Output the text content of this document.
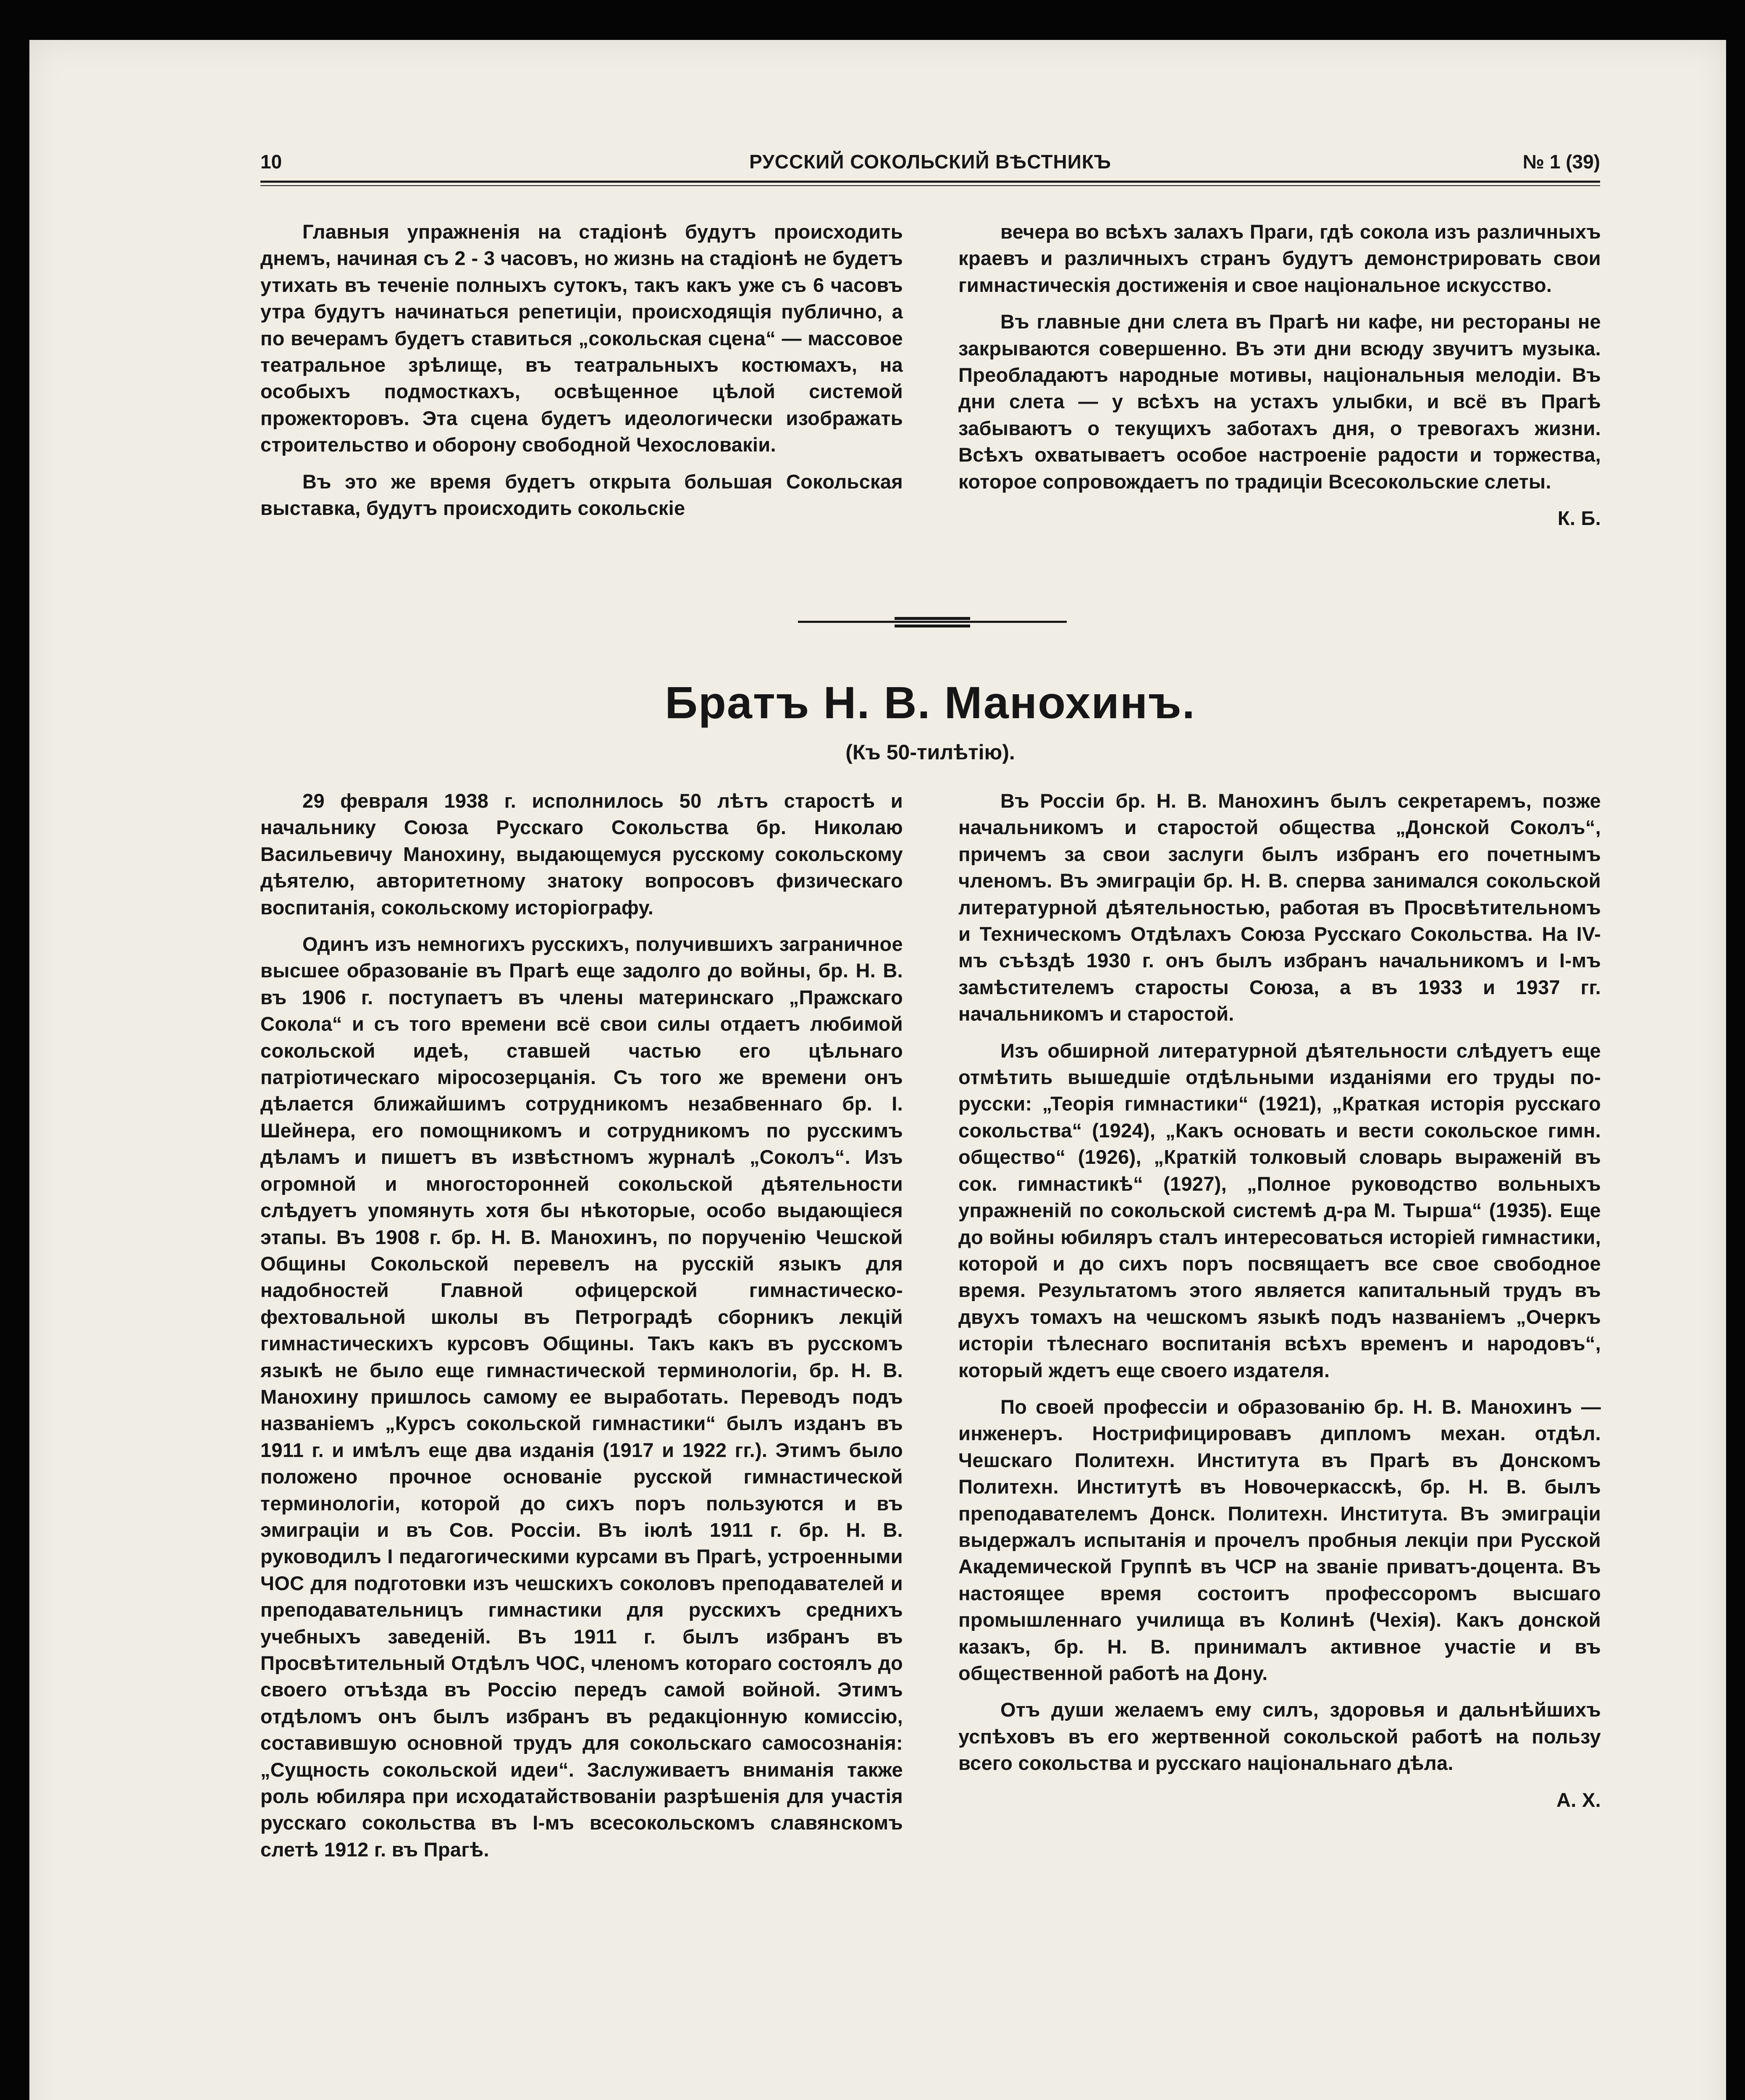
10	РУССКИЙ СОКОЛЬСКИЙ ВѢСТНИКЪ	№ 1 (39)

Главныя упражненія на стадіонѣ будутъ происходить днемъ, начиная съ 2 - 3 часовъ, но жизнь на стадіонѣ не будетъ утихать въ теченіе полныхъ сутокъ, такъ какъ уже съ 6 часовъ утра будутъ начинаться репетиціи, происходящія публично, а по вечерамъ будетъ ставиться „сокольская сцена“ — массовое театральное зрѣлище, въ театральныхъ костюмахъ, на особыхъ подмосткахъ, освѣщенное цѣлой системой прожекторовъ. Эта сцена будетъ идеологически изображать строительство и оборону свободной Чехословакіи.

Въ это же время будетъ открыта большая Сокольская выставка, будутъ происходить сокольскіе

вечера во всѣхъ залахъ Праги, гдѣ сокола изъ различныхъ краевъ и различныхъ странъ будутъ демонстрировать свои гимнастическія достиженія и свое національное искусство.

Въ главные дни слета въ Прагѣ ни кафе, ни рестораны не закрываются совершенно. Въ эти дни всюду звучитъ музыка. Преобладаютъ народные мотивы, національныя мелодіи. Въ дни слета — у всѣхъ на устахъ улыбки, и всё въ Прагѣ забываютъ о текущихъ заботахъ дня, о тревогахъ жизни. Всѣхъ охватываетъ особое настроеніе радости и торжества, которое сопровождаетъ по традиціи Всесокольские слеты.

К. Б.
Братъ Н. В. Манохинъ.
(Къ 50-тилѣтію).

29 февраля 1938 г. исполнилось 50 лѣтъ старостѣ и начальнику Союза Русскаго Сокольства бр. Николаю Васильевичу Манохину, выдающемуся русскому сокольскому дѣятелю, авторитетному знатоку вопросовъ физическаго воспитанія, сокольскому исторіографу.

Одинъ изъ немногихъ русскихъ, получившихъ заграничное высшее образованіе въ Прагѣ еще задолго до войны, бр. Н. В. въ 1906 г. поступаетъ въ члены материнскаго „Пражскаго Сокола“ и съ того времени всё свои силы отдаетъ любимой сокольской идеѣ, ставшей частью его цѣльнаго патріотическаго міросозерцанія. Съ того же времени онъ дѣлается ближайшимъ сотрудникомъ незабвеннаго бр. І. Шейнера, его помощникомъ и сотрудникомъ по русскимъ дѣламъ и пишетъ въ извѣстномъ журналѣ „Соколъ“. Изъ огромной и многосторонней сокольской дѣятельности слѣдуетъ упомянуть хотя бы нѣкоторые, особо выдающіеся этапы. Въ 1908 г. бр. Н. В. Манохинъ, по порученію Чешской Общины Сокольской перевелъ на русскій языкъ для надобностей Главной офицерской гимнастическо-фехтовальной школы въ Петроградѣ сборникъ лекцій гимнастическихъ курсовъ Общины. Такъ какъ въ русскомъ языкѣ не было еще гимнастической терминологіи, бр. Н. В. Манохину пришлось самому ее выработать. Переводъ подъ названіемъ „Курсъ сокольской гимнастики“ былъ изданъ въ 1911 г. и имѣлъ еще два изданія (1917 и 1922 гг.). Этимъ было положено прочное основаніе русской гимнастической терминологіи, которой до сихъ поръ пользуются и въ эмиграціи и въ Сов. Россіи. Въ іюлѣ 1911 г. бр. Н. В. руководилъ І педагогическими курсами въ Прагѣ, устроенными ЧОС для подготовки изъ чешскихъ соколовъ преподавателей и преподавательницъ гимнастики для русскихъ среднихъ учебныхъ заведеній. Въ 1911 г. былъ избранъ въ Просвѣтительный Отдѣлъ ЧОС, членомъ котораго состоялъ до своего отъѣзда въ Россію передъ самой войной. Этимъ отдѣломъ онъ былъ избранъ въ редакціонную комиссію, составившую основной трудъ для сокольскаго самосознанія: „Сущность сокольской идеи“. Заслуживаетъ вниманія также роль юбиляра при исходатайствованіи разрѣшенія для участія русскаго сокольства въ І-мъ всесокольскомъ славянскомъ слетѣ 1912 г. въ Прагѣ.

Въ Россіи бр. Н. В. Манохинъ былъ секретаремъ, позже начальникомъ и старостой общества „Донской Соколъ“, причемъ за свои заслуги былъ избранъ его почетнымъ членомъ. Въ эмиграціи бр. Н. В. сперва занимался сокольской литературной дѣятельностью, работая въ Просвѣтительномъ и Техническомъ Отдѣлахъ Союза Русскаго Сокольства. На IV-мъ съѣздѣ 1930 г. онъ былъ избранъ начальникомъ и І-мъ замѣстителемъ старосты Союза, а въ 1933 и 1937 гг. начальникомъ и старостой.

Изъ обширной литературной дѣятельности слѣдуетъ еще отмѣтить вышедшіе отдѣльными изданіями его труды по-русски: „Теорія гимнастики“ (1921), „Краткая исторія русскаго сокольства“ (1924), „Какъ основать и вести сокольское гимн. общество“ (1926), „Краткій толковый словарь выраженій въ сок. гимнастикѣ“ (1927), „Полное руководство вольныхъ упражненій по сокольской системѣ д-ра М. Тырша“ (1935). Еще до войны юбиляръ сталъ интересоваться исторіей гимнастики, которой и до сихъ поръ посвящаетъ все свое свободное время. Результатомъ этого является капитальный трудъ въ двухъ томахъ на чешскомъ языкѣ подъ названіемъ „Очеркъ исторіи тѣлеснаго воспитанія всѣхъ временъ и народовъ“, который ждетъ еще своего издателя.

По своей профессіи и образованію бр. Н. В. Манохинъ — инженеръ. Нострифицировавъ дипломъ механ. отдѣл. Чешскаго Политехн. Института въ Прагѣ въ Донскомъ Политехн. Институтѣ въ Новочеркасскѣ, бр. Н. В. былъ преподавателемъ Донск. Политехн. Института. Въ эмиграціи выдержалъ испытанія и прочелъ пробныя лекціи при Русской Академической Группѣ въ ЧСР на званіе приватъ-доцента. Въ настоящее время состоитъ профессоромъ высшаго промышленнаго училища въ Колинѣ (Чехія). Какъ донской казакъ, бр. Н. В. принималъ активное участіе и въ общественной работѣ на Дону.

Отъ души желаемъ ему силъ, здоровья и дальнѣйшихъ успѣховъ въ его жертвенной сокольской работѣ на пользу всего сокольства и русскаго національнаго дѣла.

А. Х.
